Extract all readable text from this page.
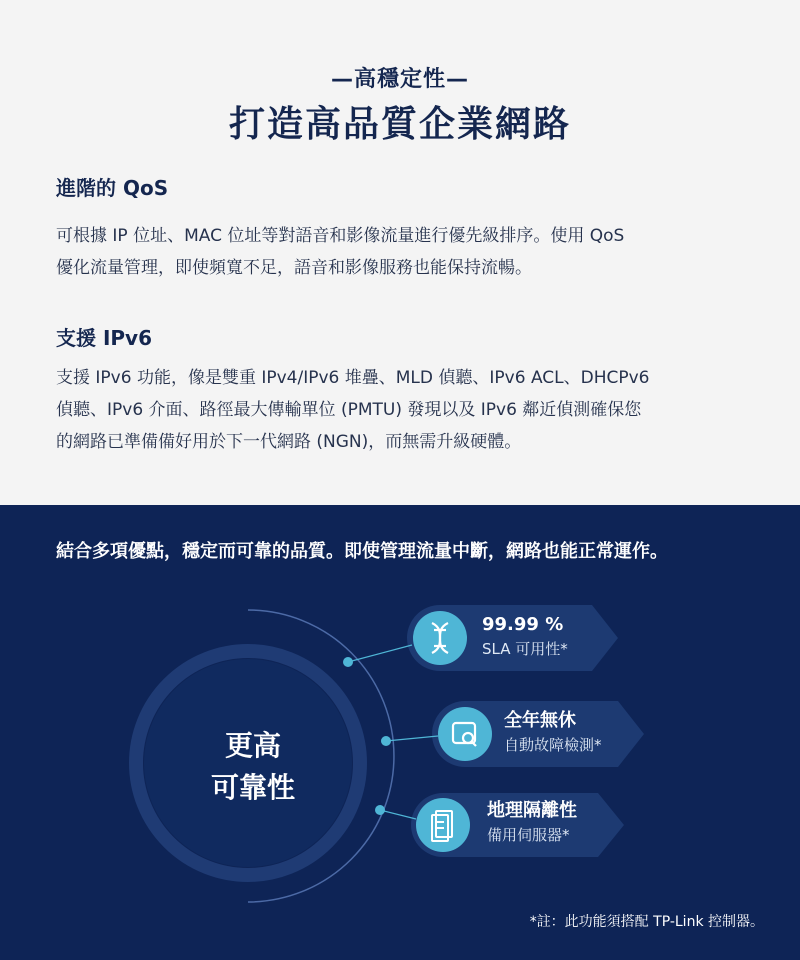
—高穩定性—
打造高品質企業網路
進階的 QoS
可根據 IP 位址、MAC 位址等對語音和影像流量進行優先級排序。使用 QoS
優化流量管理，即使頻寬不足，語音和影像服務也能保持流暢。
支援 IPv6
支援 IPv6 功能，像是雙重 IPv4/IPv6 堆疊、MLD 偵聽、IPv6 ACL、DHCPv6
偵聽、IPv6 介面、路徑最大傳輸單位 (PMTU) 發現以及 IPv6 鄰近偵測確保您
的網路已準備備好用於下一代網路 (NGN)，而無需升級硬體。
結合多項優點，穩定而可靠的品質。即使管理流量中斷，網路也能正常運作。
更高
可靠性
99.99 %
SLA 可用性*
全年無休
自動故障檢測*
地理隔離性
備用伺服器*
*註：此功能須搭配 TP-Link 控制器。
